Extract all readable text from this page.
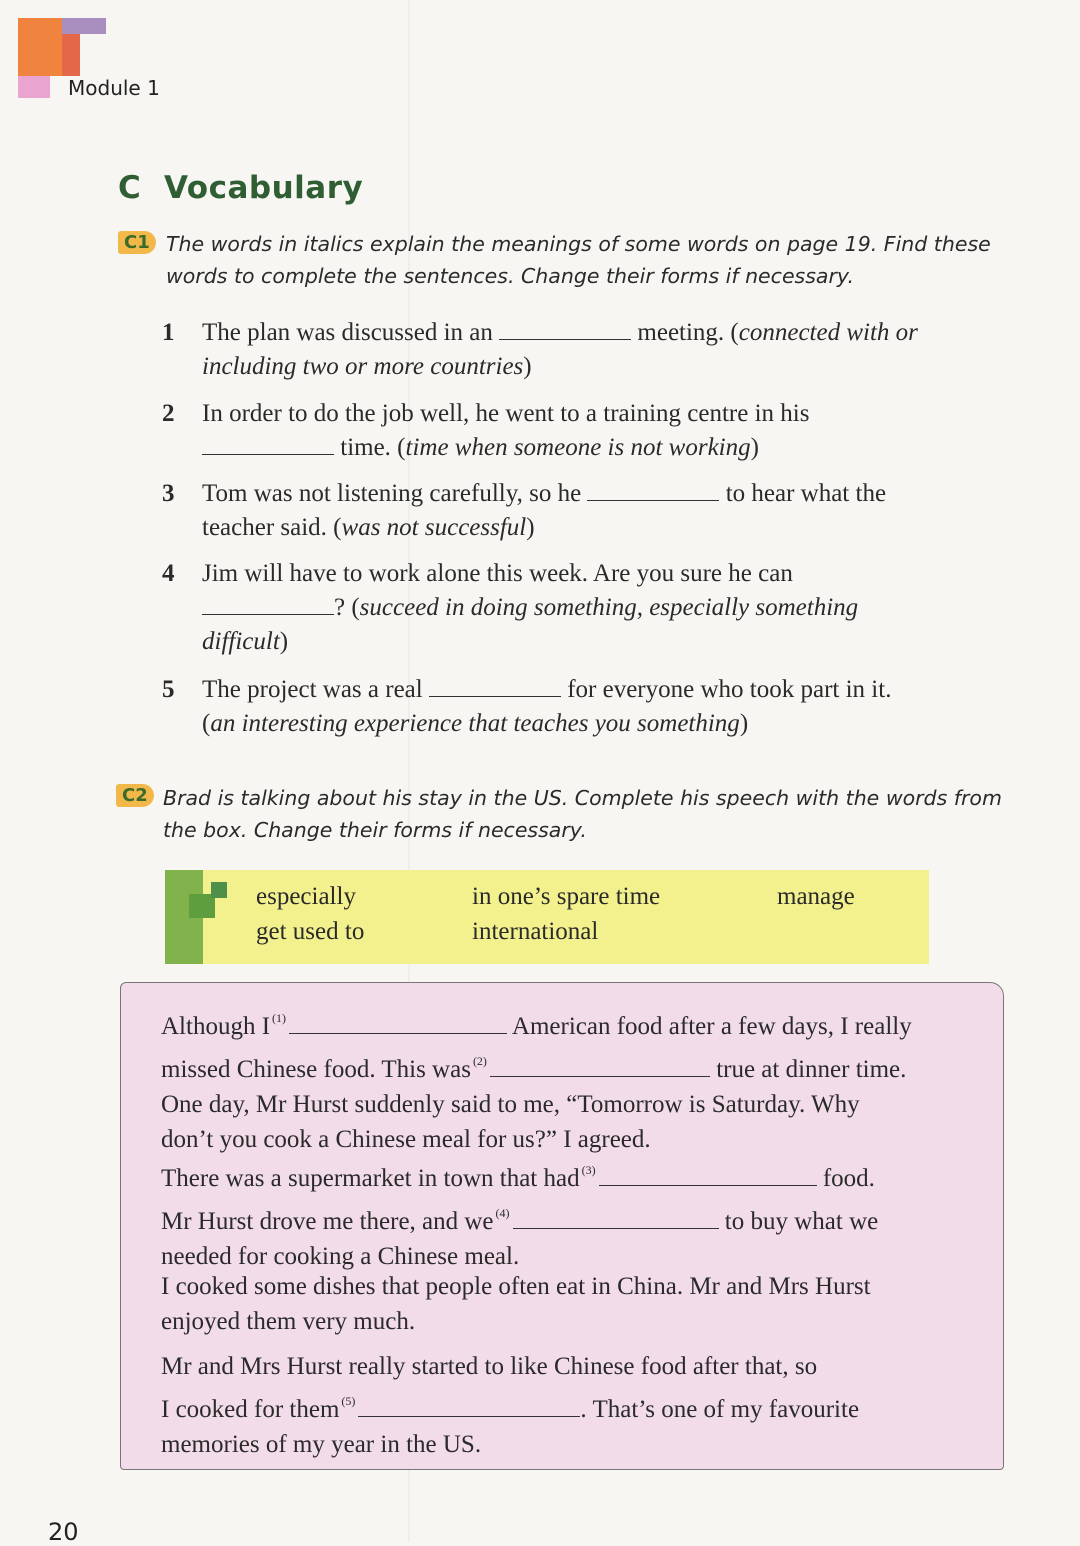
Module 1
C Vocabulary
C1 The words in italics explain the meanings of some words on page 19. Find these
words to complete the sentences. Change their forms if necessary.
1 The plan was discussed in an	meeting. (connected with or
including two or more countries)
2 In order to do the job well, he went to a training centre in his
time. (time when someone is not working)
3 Tom was not listening carefully, so he	to hear what the
teacher said. (was not successful)
4 Jim will have to work alone this week. Are you sure he can
? (succeed in doing something, especially something
difficult)
5 The project was a real	for everyone who took part in it.
(an interesting experience that teaches you something)
C2 Brad is talking about his stay in the US. Complete his speech with the words from
the box. Change their forms if necessary.
especially	in one’s spare time	manage
get used to	international
Although I $^{(1)}$	American food after a few days, I really
missed Chinese food. This was $^{(2)}$	true at dinner time.
One day, Mr Hurst suddenly said to me, “Tomorrow is Saturday. Why
don’t you cook a Chinese meal for us?” I agreed.
There was a supermarket in town that had $^{(3)}$	food.
Mr Hurst drove me there, and we $^{(4)}$	to buy what we
needed for cooking a Chinese meal.
I cooked some dishes that people often eat in China. Mr and Mrs Hurst
enjoyed them very much.
Mr and Mrs Hurst really started to like Chinese food after that, so
I cooked for them $^{(5)}$	. That’s one of my favourite
memories of my year in the US.
20
